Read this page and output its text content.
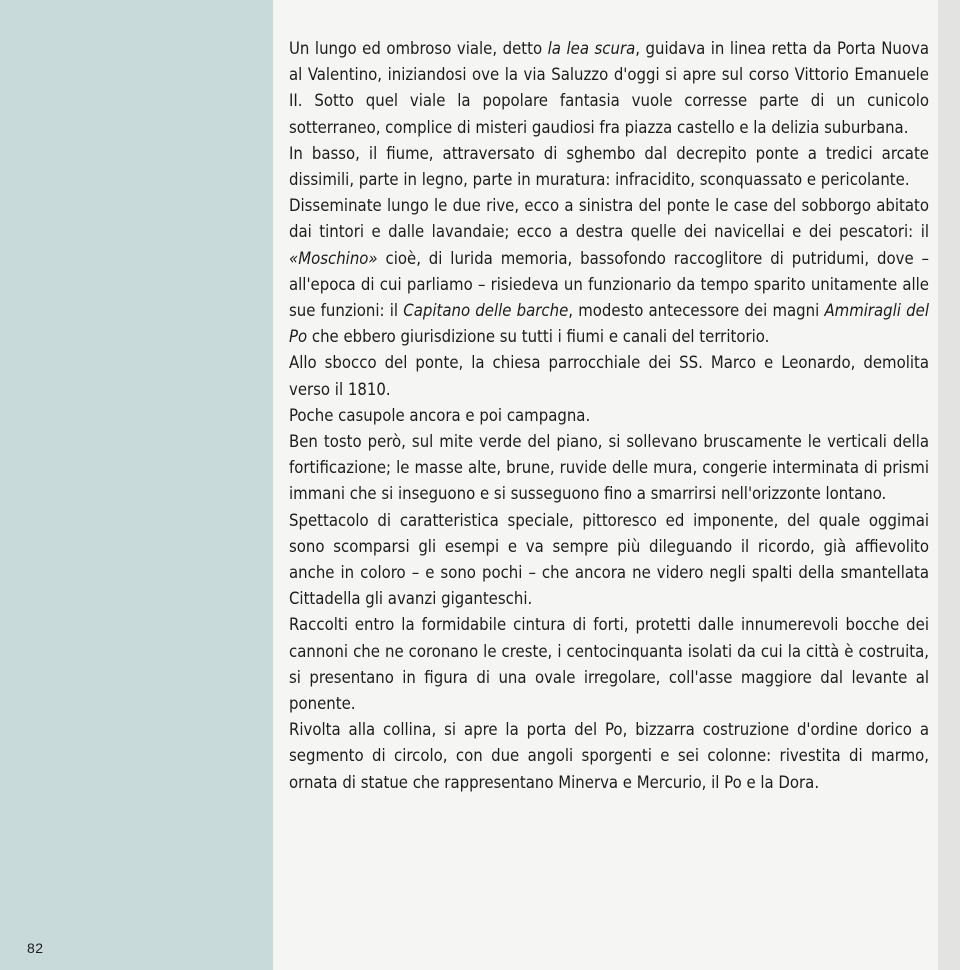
Un lungo ed ombroso viale, detto la lea scura, guidava in linea retta da Porta Nuova al Valentino, iniziandosi ove la via Saluzzo d'oggi si apre sul corso Vittorio Emanuele II. Sotto quel viale la popolare fantasia vuole corresse parte di un cunicolo sotterraneo, complice di misteri gaudiosi fra piazza castello e la delizia suburbana.

In basso, il fiume, attraversato di sghembo dal decrepito ponte a tredici arcate dissimili, parte in legno, parte in muratura: infracidito, sconquassato e pericolante.

Disseminate lungo le due rive, ecco a sinistra del ponte le case del sobborgo abitato dai tintori e dalle lavandaie; ecco a destra quelle dei navicellai e dei pescatori: il «Moschino» cioè, di lurida memoria, bassofondo raccoglitore di putridumi, dove – all'epoca di cui parliamo – risiedeva un funzionario da tempo sparito unitamente alle sue funzioni: il Capitano delle barche, modesto antecessore dei magni Ammiragli del Po che ebbero giurisdizione su tutti i fiumi e canali del territorio.

Allo sbocco del ponte, la chiesa parrocchiale dei SS. Marco e Leonardo, demolita verso il 1810.

Poche casupole ancora e poi campagna.

Ben tosto però, sul mite verde del piano, si sollevano bruscamente le verticali della fortificazione; le masse alte, brune, ruvide delle mura, congerie interminata di prismi immani che si inseguono e si susseguono fino a smarrirsi nell'orizzonte lontano.

Spettacolo di caratteristica speciale, pittoresco ed imponente, del quale oggimai sono scomparsi gli esempi e va sempre più dileguando il ricordo, già affievolito anche in coloro – e sono pochi – che ancora ne videro negli spalti della smantellata Cittadella gli avanzi giganteschi.

Raccolti entro la formidabile cintura di forti, protetti dalle innumerevoli bocche dei cannoni che ne coronano le creste, i centocinquanta isolati da cui la città è costruita, si presentano in figura di una ovale irregolare, coll'asse maggiore dal levante al ponente.

Rivolta alla collina, si apre la porta del Po, bizzarra costruzione d'ordine dorico a segmento di circolo, con due angoli sporgenti e sei colonne: rivestita di marmo, ornata di statue che rappresentano Minerva e Mercurio, il Po e la Dora.

82
